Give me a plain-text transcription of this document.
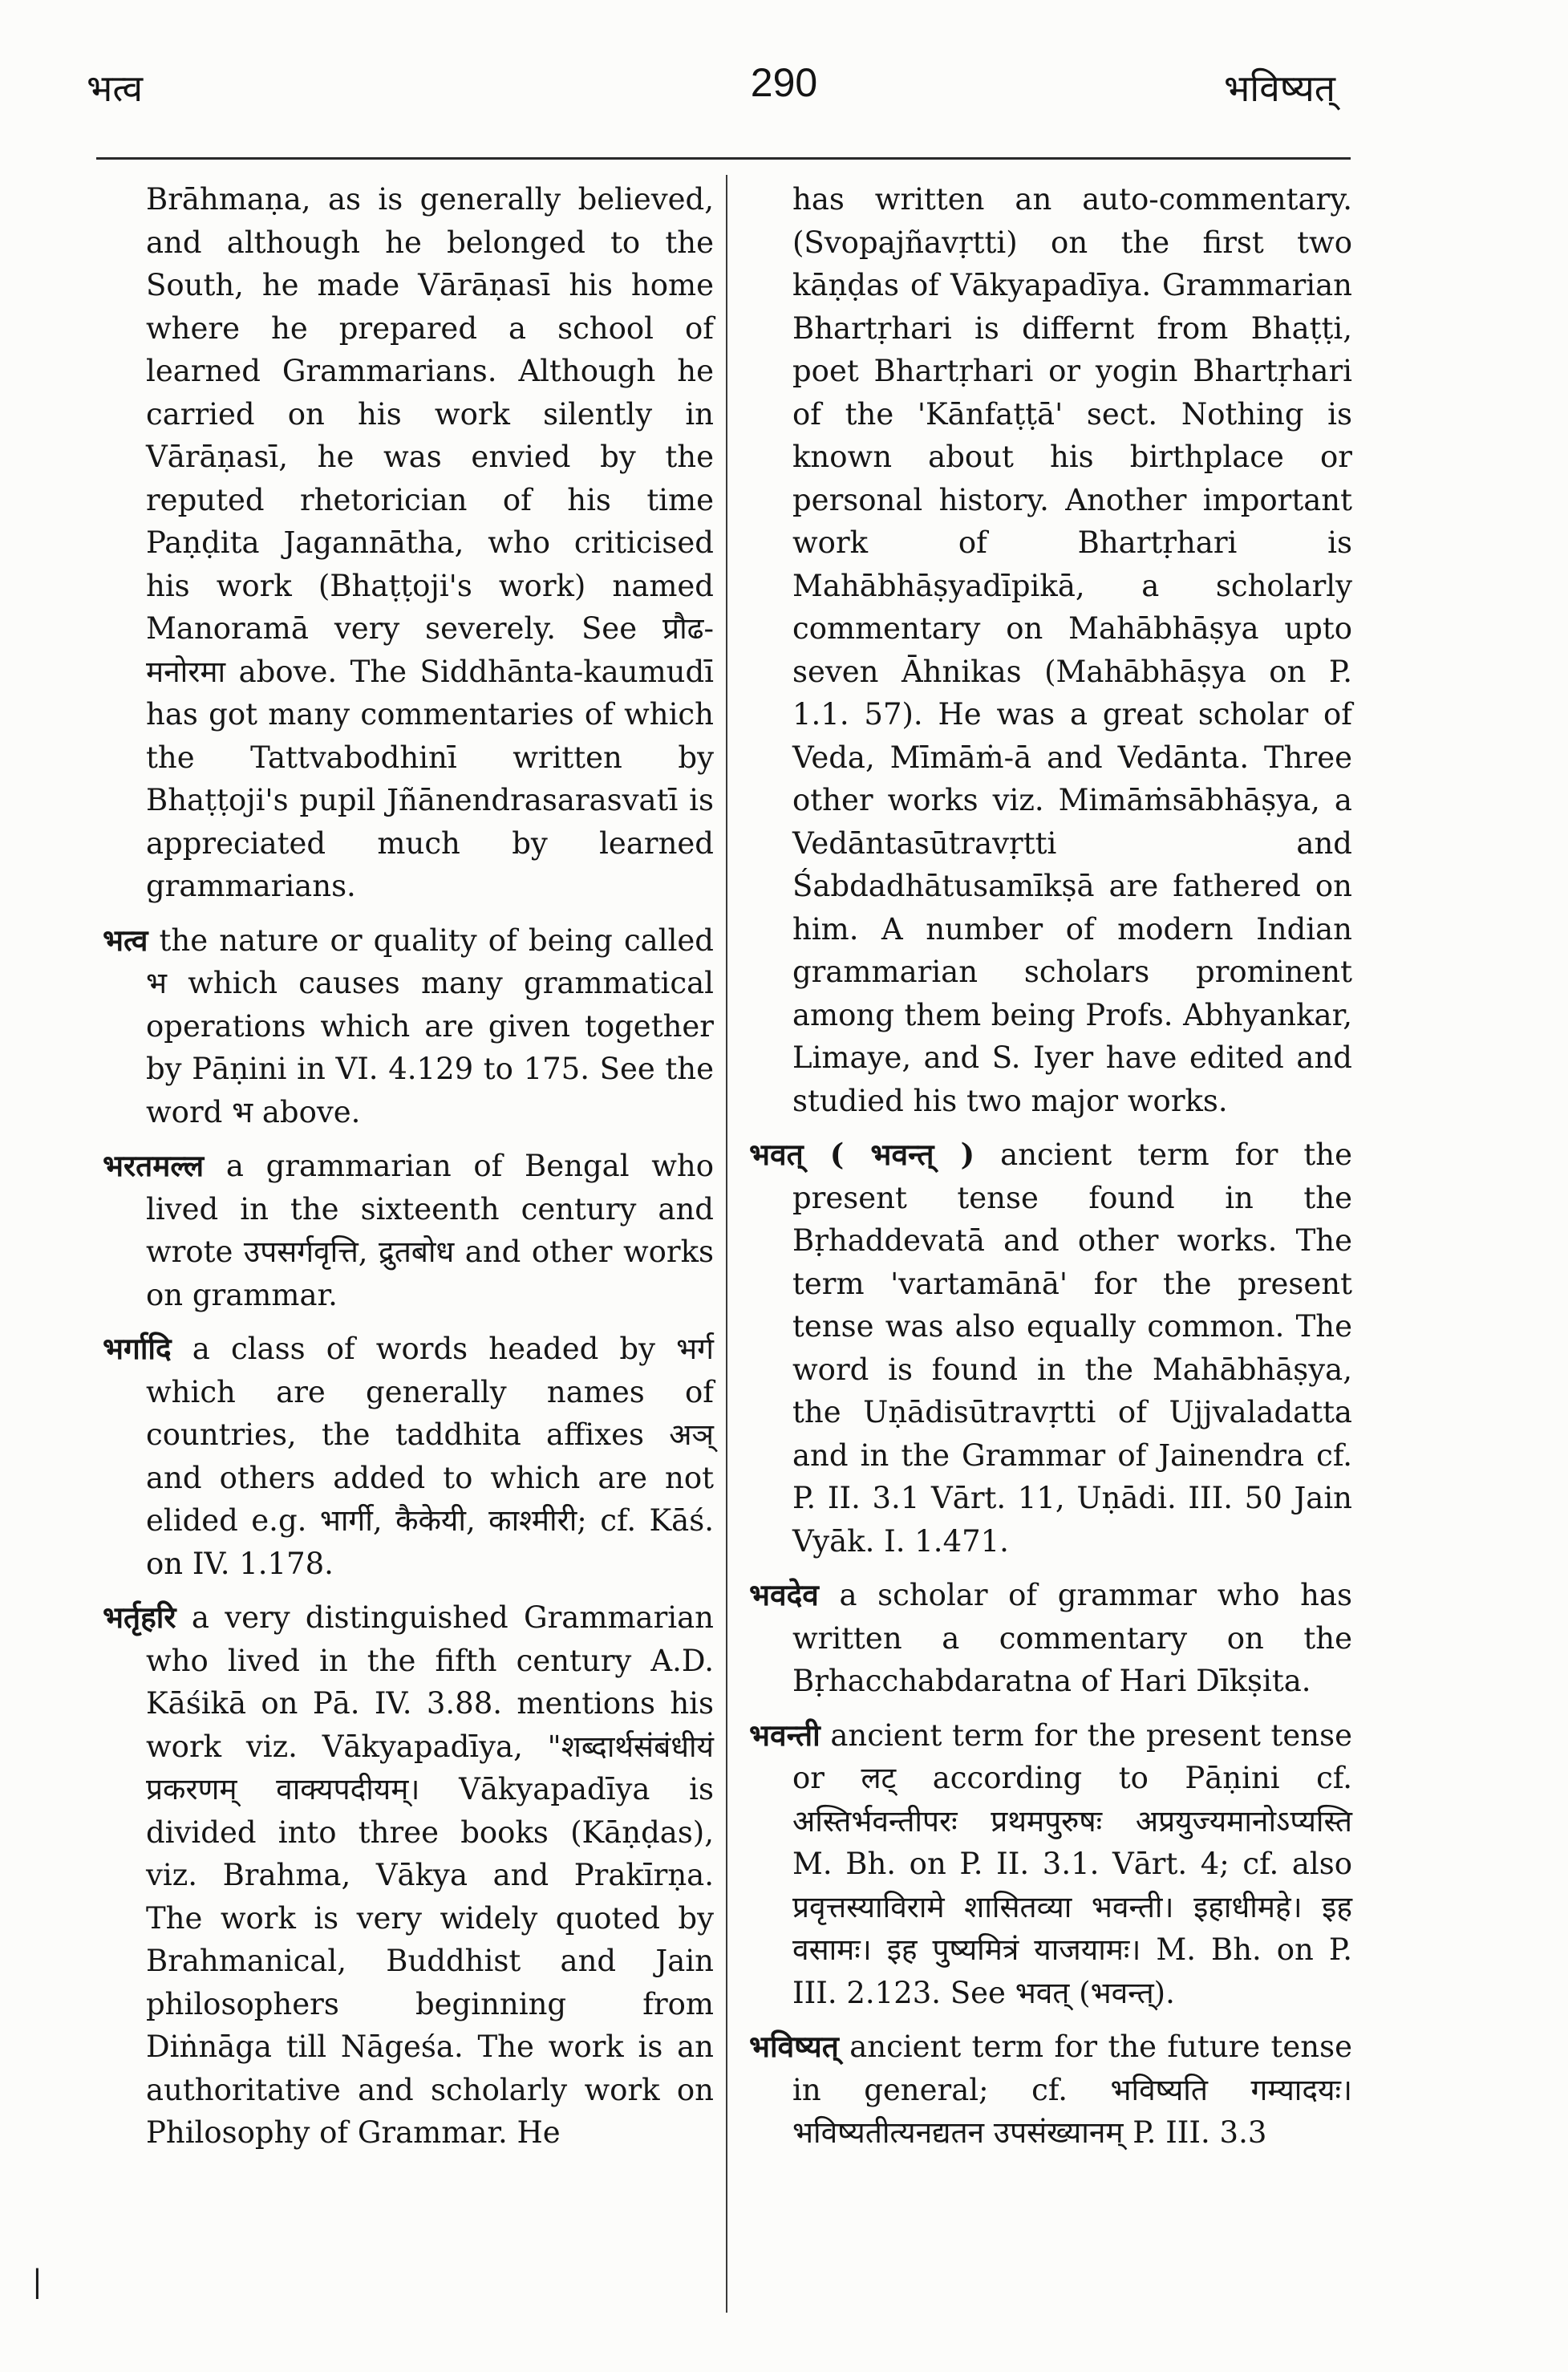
भत्व	290	भविष्यत्

Brāhmaṇa, as is generally believed, and although he belonged to the South, he made Vārāṇasī his home where he prepared a school of learned Grammarians. Although he carried on his work silently in Vārāṇasī, he was envied by the reputed rhetorician of his time Paṇḍita Jagannātha, who criticised his work (Bhaṭṭoji's work) named Manoramā very severely. See प्रौढ-मनोरमा above. The Siddhānta-kaumudī has got many commentaries of which the Tattvabodhinī written by Bhaṭṭoji's pupil Jñānendrasarasvatī is appreciated much by learned grammarians.

भत्व the nature or quality of being called भ which causes many grammatical operations which are given together by Pāṇini in VI. 4.129 to 175. See the word भ above.

भरतमल्ल a grammarian of Bengal who lived in the sixteenth century and wrote उपसर्गवृत्ति, द्रुतबोध and other works on grammar.

भर्गादि a class of words headed by भर्ग which are generally names of countries, the taddhita affixes अञ् and others added to which are not elided e.g. भार्गी, कैकेयी, काश्मीरी; cf. Kāś. on IV. 1.178.

भर्तृहरि a very distinguished Grammarian who lived in the fifth century A.D. Kāśikā on Pā. IV. 3.88. mentions his work viz. Vākyapadīya, "शब्दार्थसंबंधीयं प्रकरणम् वाक्यपदीयम्। Vākyapadīya is divided into three books (Kāṇḍas), viz. Brahma, Vākya and Prakīrṇa. The work is very widely quoted by Brahmanical, Buddhist and Jain philosophers beginning from Diṅnāga till Nāgeśa. The work is an authoritative and scholarly work on Philosophy of Grammar. He

has written an auto-commentary. (Svopajñavṛtti) on the first two kāṇḍas of Vākyapadīya. Grammarian Bhartṛhari is differnt from Bhaṭṭi, poet Bhartṛhari or yogin Bhartṛhari of the 'Kānfaṭṭā' sect. Nothing is known about his birthplace or personal history. Another important work of Bhartṛhari is Mahābhāṣyadīpikā, a scholarly commentary on Mahābhāṣya upto seven Āhnikas (Mahābhāṣya on P. 1.1. 57). He was a great scholar of Veda, Mīmāṁ-ā and Vedānta. Three other works viz. Mimāṁsābhāṣya, a Vedāntasūtravṛtti and Śabdadhātusamīkṣā are fathered on him. A number of modern Indian grammarian scholars prominent among them being Profs. Abhyankar, Limaye, and S. Iyer have edited and studied his two major works.

भवत् ( भवन्त् ) ancient term for the present tense found in the Bṛhaddevatā and other works. The term 'vartamānā' for the present tense was also equally common. The word is found in the Mahābhāṣya, the Uṇādisūtravṛtti of Ujjvaladatta and in the Grammar of Jainendra cf. P. II. 3.1 Vārt. 11, Uṇādi. III. 50 Jain Vyāk. I. 1.471.

भवदेव a scholar of grammar who has written a commentary on the Bṛhacchabdaratna of Hari Dīkṣita.

भवन्ती ancient term for the present tense or लट् according to Pāṇini cf. अस्तिर्भवन्तीपरः प्रथमपुरुषः अप्रयुज्यमानोऽप्यस्ति M. Bh. on P. II. 3.1. Vārt. 4; cf. also प्रवृत्तस्याविरामे शासितव्या भवन्ती। इहाधीमहे। इह वसामः। इह पुष्यमित्रं याजयामः। M. Bh. on P. III. 2.123. See भवत् (भवन्त्).

भविष्यत् ancient term for the future tense in general; cf. भविष्यति गम्यादयः। भविष्यतीत्यनद्यतन उपसंख्यानम् P. III. 3.3

|
